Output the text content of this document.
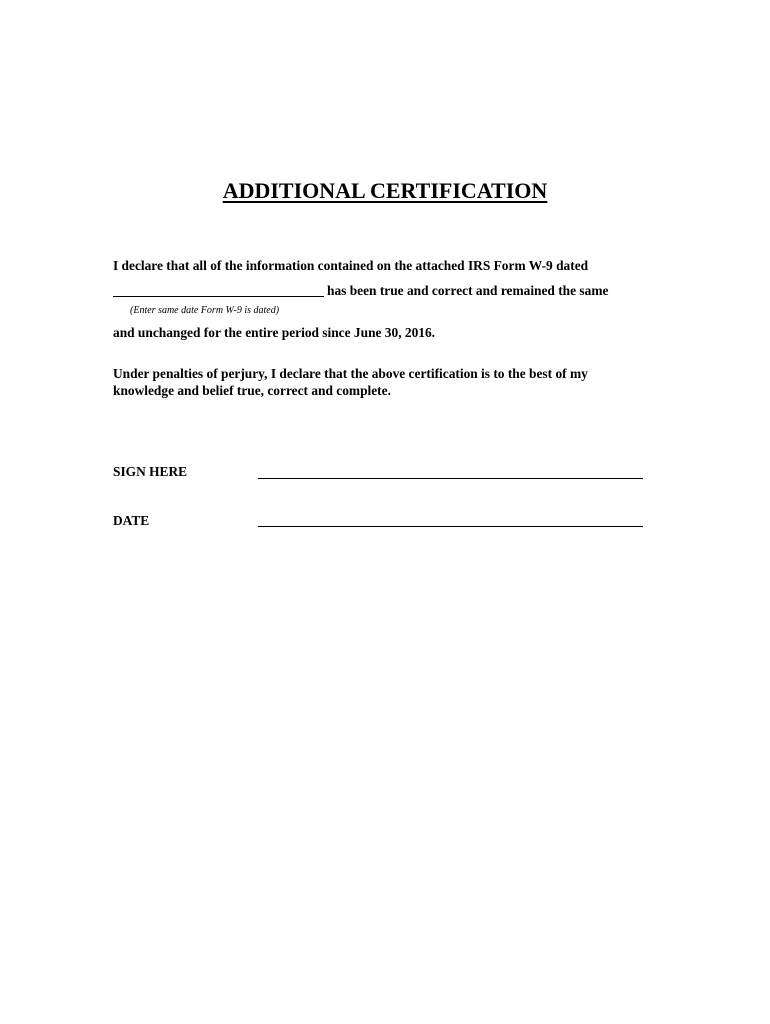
ADDITIONAL CERTIFICATION
I declare that all of the information contained on the attached IRS Form W-9 dated
has been true and correct and remained the same
(Enter same date Form W-9 is dated)
and unchanged for the entire period since June 30, 2016.
Under penalties of perjury, I declare that the above certification is to the best of my
knowledge and belief true, correct and complete.
SIGN HERE
DATE
